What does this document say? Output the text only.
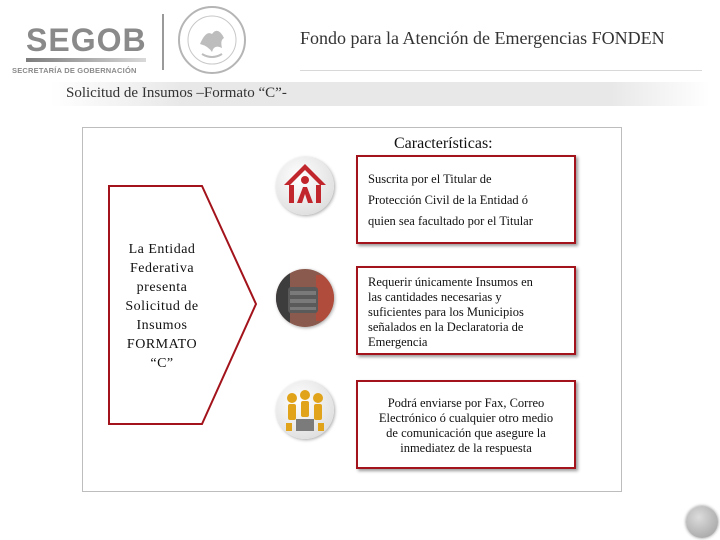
SEGOB
SECRETARÍA DE GOBERNACIÓN
Fondo para la Atención de Emergencias FONDEN
Solicitud de Insumos –Formato “C”-
Características:
La Entidad
Federativa
presenta
Solicitud de
Insumos
FORMATO
“C”
Suscrita por el Titular de
Protección Civil de la Entidad ó
quien sea facultado por el Titular
Requerir únicamente Insumos en
las cantidades necesarias y
suficientes para los Municipios
señalados en la Declaratoria de
Emergencia
Podrá enviarse por Fax, Correo
Electrónico ó cualquier otro medio
de comunicación que asegure la
inmediatez de la respuesta
